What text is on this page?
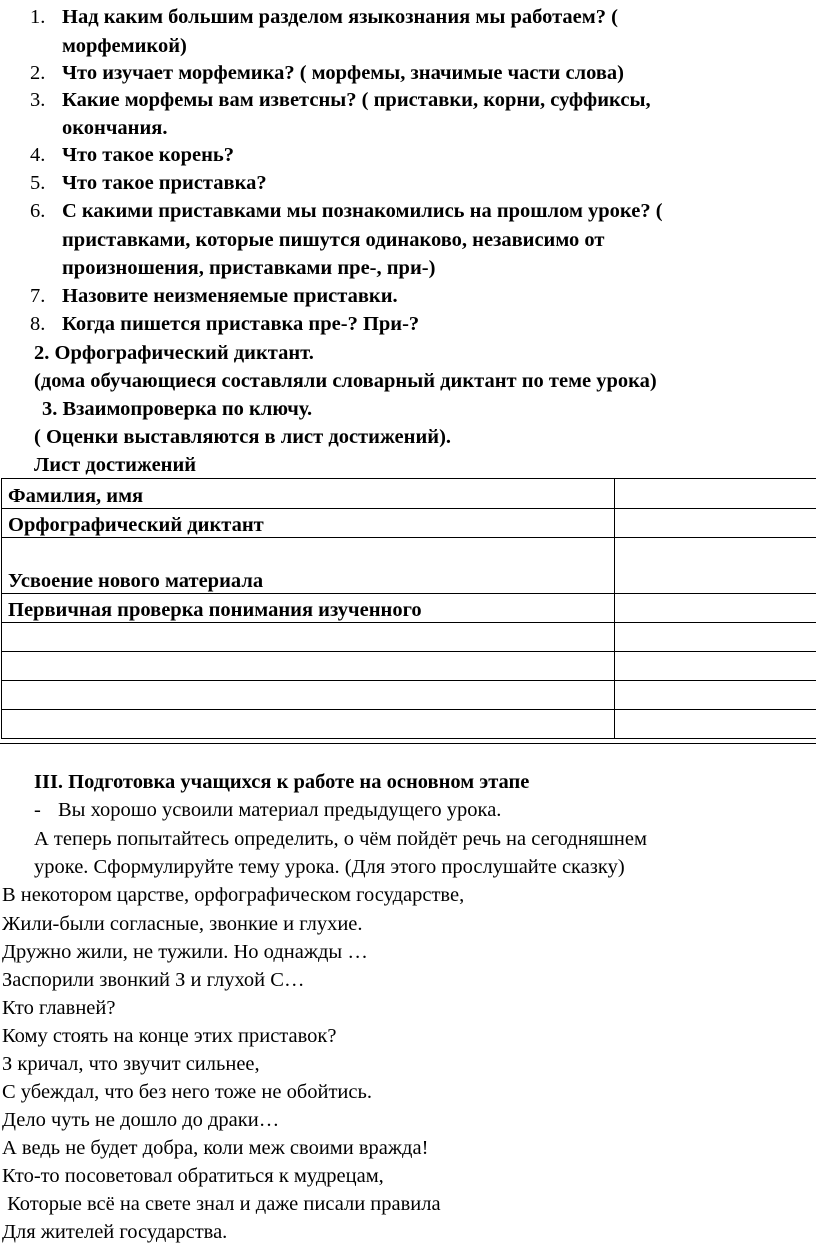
1. Над каким большим разделом языкознания мы работаем? (
морфемикой)
2. Что изучает морфемика? ( морфемы, значимые части слова)
3. Какие морфемы вам изветсны? ( приставки, корни, суффиксы,
окончания.
4. Что такое корень?
5. Что такое приставка?
6. С какими приставками мы познакомились на прошлом уроке? (
приставками, которые пишутся одинаково, независимо от
произношения, приставками пре-, при-)
7. Назовите неизменяемые приставки.
8. Когда пишется приставка пре-? При-?
2. Орфографический диктант.
(дома обучающиеся составляли словарный диктант по теме урока)
3. Взаимопроверка по ключу.
( Оценки выставляются в лист достижений).
Лист достижений
Фамилия, имя	
Орфографический диктант	
Усвоение нового материала	
Первичная проверка понимания изученного	

III. Подготовка учащихся к работе на основном этапе
- Вы хорошо усвоили материал предыдущего урока.
А теперь попытайтесь определить, о чём пойдёт речь на сегодняшнем
уроке. Сформулируйте тему урока. (Для этого прослушайте сказку)
В некотором царстве, орфографическом государстве,
Жили-были согласные, звонкие и глухие.
Дружно жили, не тужили. Но однажды …
Заспорили звонкий З и глухой С…
Кто главней?
Кому стоять на конце этих приставок?
З кричал, что звучит сильнее,
С убеждал, что без него тоже не обойтись.
Дело чуть не дошло до драки…
А ведь не будет добра, коли меж своими вражда!
Кто-то посоветовал обратиться к мудрецам,
Которые всё на свете знал и даже писали правила
Для жителей государства.
